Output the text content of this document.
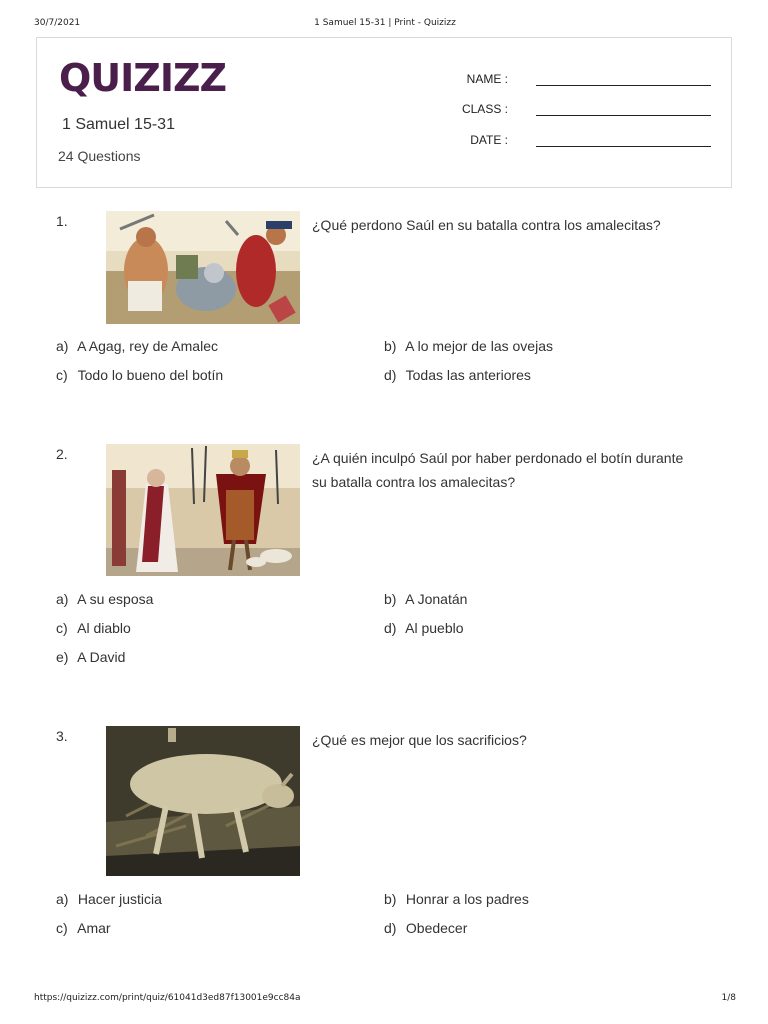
30/7/2021	1 Samuel 15-31 | Print - Quizizz
QUIZIZZ
1 Samuel 15-31
24 Questions
NAME :
CLASS :
DATE :
1.	¿Qué perdono Saúl en su batalla contra los amalecitas?
a) A Agag, rey de Amalec	b) A lo mejor de las ovejas
c) Todo lo bueno del botín	d) Todas las anteriores
2.	¿A quién inculpó Saúl por haber perdonado el botín durante su batalla contra los amalecitas?
a) A su esposa	b) A Jonatán
c) Al diablo	d) Al pueblo
e) A David
3.	¿Qué es mejor que los sacrificios?
a) Hacer justicia	b) Honrar a los padres
c) Amar	d) Obedecer
https://quizizz.com/print/quiz/61041d3ed87f13001e9cc84a	1/8
